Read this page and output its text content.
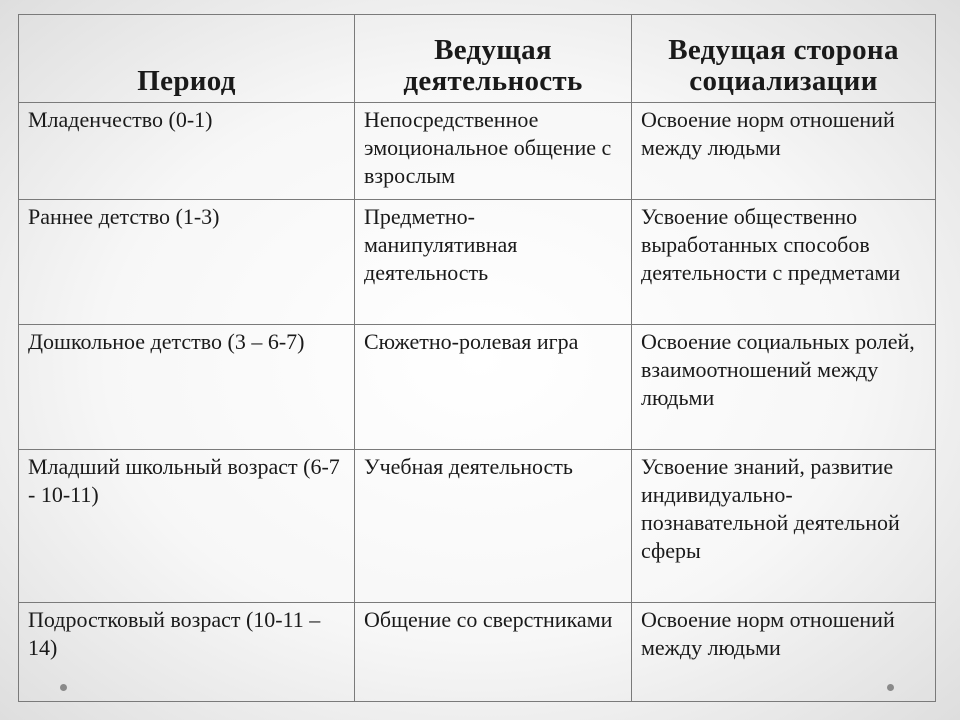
Период	Ведущая деятельность	Ведущая сторона социализации
Младенчество (0-1)	Непосредственное эмоциональное общение с взрослым	Освоение норм отношений между людьми
Раннее детство (1-3)	Предметно-манипулятивная деятельность	Усвоение общественно выработанных способов деятельности с предметами
Дошкольное детство (3 – 6-7)	Сюжетно-ролевая игра	Освоение социальных ролей, взаимоотношений между людьми
Младший школьный возраст (6-7 - 10-11)	Учебная деятельность	Усвоение знаний, развитие индивидуально-познавательной деятельной сферы
Подростковый возраст (10-11 – 14)	Общение со сверстниками	Освоение норм отношений между людьми
